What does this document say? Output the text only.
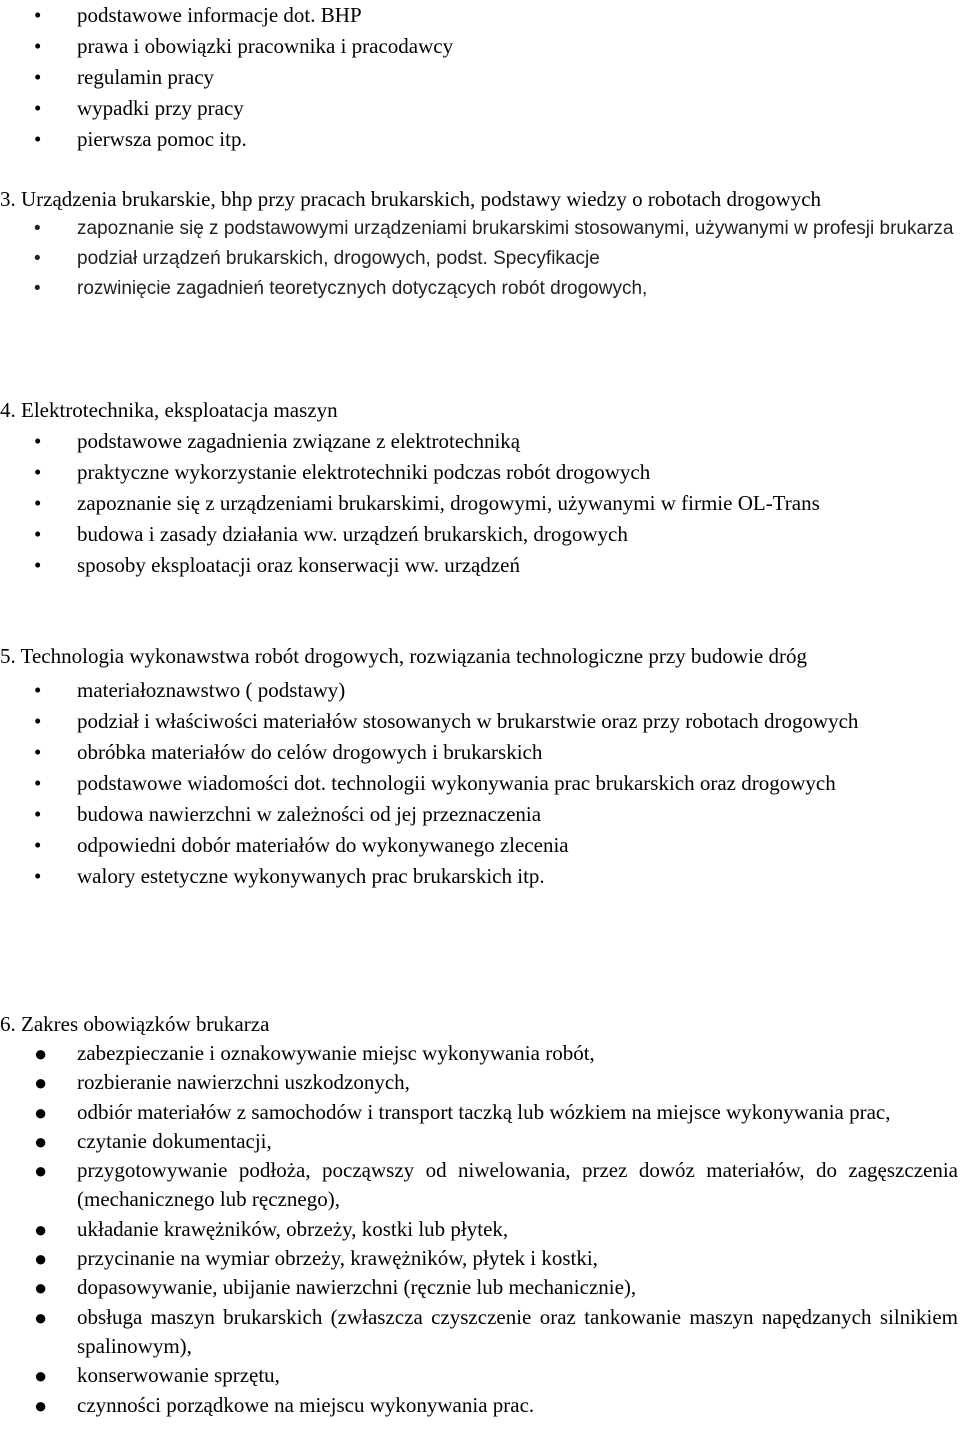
• podstawowe informacje dot. BHP
• prawa i obowiązki pracownika i pracodawcy
• regulamin pracy
• wypadki przy pracy
• pierwsza pomoc itp.
3. Urządzenia brukarskie, bhp przy pracach brukarskich, podstawy wiedzy o robotach drogowych
• zapoznanie się z podstawowymi urządzeniami brukarskimi stosowanymi, używanymi w profesji brukarza
• podział urządzeń brukarskich, drogowych, podst. Specyfikacje
• rozwinięcie zagadnień teoretycznych dotyczących robót drogowych,
4. Elektrotechnika, eksploatacja maszyn
• podstawowe zagadnienia związane z elektrotechniką
• praktyczne wykorzystanie elektrotechniki podczas robót drogowych
• zapoznanie się z urządzeniami brukarskimi, drogowymi, używanymi w firmie OL-Trans
• budowa i zasady działania ww. urządzeń brukarskich, drogowych
• sposoby eksploatacji oraz konserwacji ww. urządzeń
5. Technologia wykonawstwa robót drogowych, rozwiązania technologiczne przy budowie dróg
• materiałoznawstwo ( podstawy)
• podział i właściwości materiałów stosowanych w brukarstwie oraz przy robotach drogowych
• obróbka materiałów do celów drogowych i brukarskich
• podstawowe wiadomości dot. technologii wykonywania prac brukarskich oraz drogowych
• budowa nawierzchni w zależności od jej przeznaczenia
• odpowiedni dobór materiałów do wykonywanego zlecenia
• walory estetyczne wykonywanych prac brukarskich itp.
6. Zakres obowiązków brukarza
● zabezpieczanie i oznakowywanie miejsc wykonywania robót,
● rozbieranie nawierzchni uszkodzonych,
● odbiór materiałów z samochodów i transport taczką lub wózkiem na miejsce wykonywania prac,
● czytanie dokumentacji,
● przygotowywanie podłoża, począwszy od niwelowania, przez dowóz materiałów, do zagęszczenia (mechanicznego lub ręcznego),
● układanie krawężników, obrzeży, kostki lub płytek,
● przycinanie na wymiar obrzeży, krawężników, płytek i kostki,
● dopasowywanie, ubijanie nawierzchni (ręcznie lub mechanicznie),
● obsługa maszyn brukarskich (zwłaszcza czyszczenie oraz tankowanie maszyn napędzanych silnikiem spalinowym),
● konserwowanie sprzętu,
● czynności porządkowe na miejscu wykonywania prac.
